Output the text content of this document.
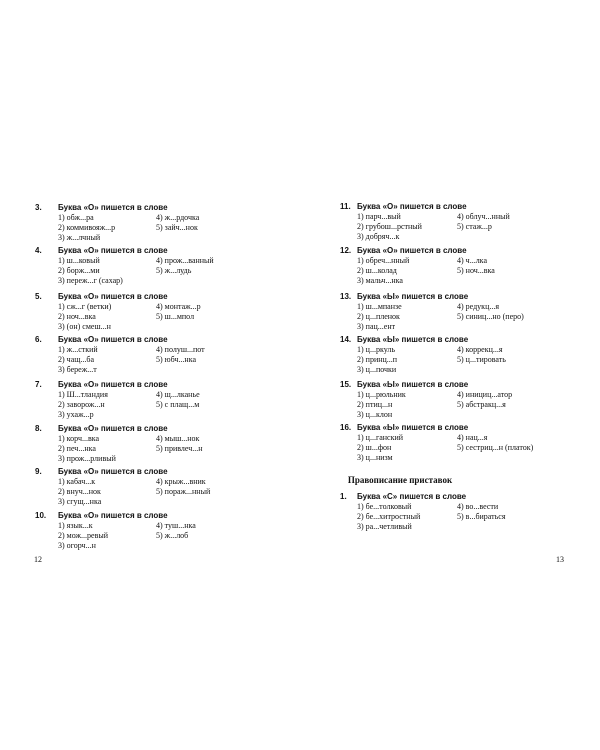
3. Буква «О» пишется в слове
1) обж...ра
2) коммивояж...р
3) ж...лчный
4) ж...рдочка
5) зайч...нок
4. Буква «О» пишется в слове
1) ш...ковый
2) борж...ми
3) переж...г (сахар)
4) прож...ванный
5) ж...лудь
5. Буква «О» пишется в слове
1) сж...г (ветки)
2) ноч...вка
3) (он) смеш...н
4) монтаж...р
5) ш...мпол
6. Буква «О» пишется в слове
1) ж...сткий
2) чащ...ба
3) береж...т
4) полуш...пот
5) юбч...нка
7. Буква «О» пишется в слове
1) Ш...тландия
2) заворож...н
3) ухаж...р
4) щ...лканье
5) с плащ...м
8. Буква «О» пишется в слове
1) корч...вка
2) печ...нка
3) прож...рливый
4) мыш...нок
5) привлеч...н
9. Буква «О» пишется в слове
1) кабач...к
2) внуч...нок
3) сгущ...нка
4) крыж...вник
5) пораж...нный
10. Буква «О» пишется в слове
1) язык...к
2) мож...ревый
3) огорч...н
4) туш...нка
5) ж...лоб
12
11. Буква «О» пишется в слове
1) парч...вый
2) грубош...рстный
3) добряч...к
4) облуч...нный
5) стаж...р
12. Буква «О» пишется в слове
1) обреч...нный
2) ш...колад
3) мальч...нка
4) ч...лка
5) ноч...вка
13. Буква «Ы» пишется в слове
1) ш...мпанзе
2) ц...пленок
3) пац...ент
4) редукц...я
5) синиц...но (перо)
14. Буква «Ы» пишется в слове
1) ц...ркуль
2) принц...п
3) ц...почки
4) коррекц...я
5) ц...тировать
15. Буква «Ы» пишется в слове
1) ц...рюльник
2) птиц...н
3) ц...клон
4) инициц...атор
5) абстракц...я
16. Буква «Ы» пишется в слове
1) ц...ганский
2) ш...фон
3) ц...низм
4) нац...я
5) сестриц...н (платок)
1. Буква «С» пишется в слове
1) бе...толковый
2) бе...хитростный
3) ра...четливый
4) во...вести
5) в...бираться
Правописание приставок
13
